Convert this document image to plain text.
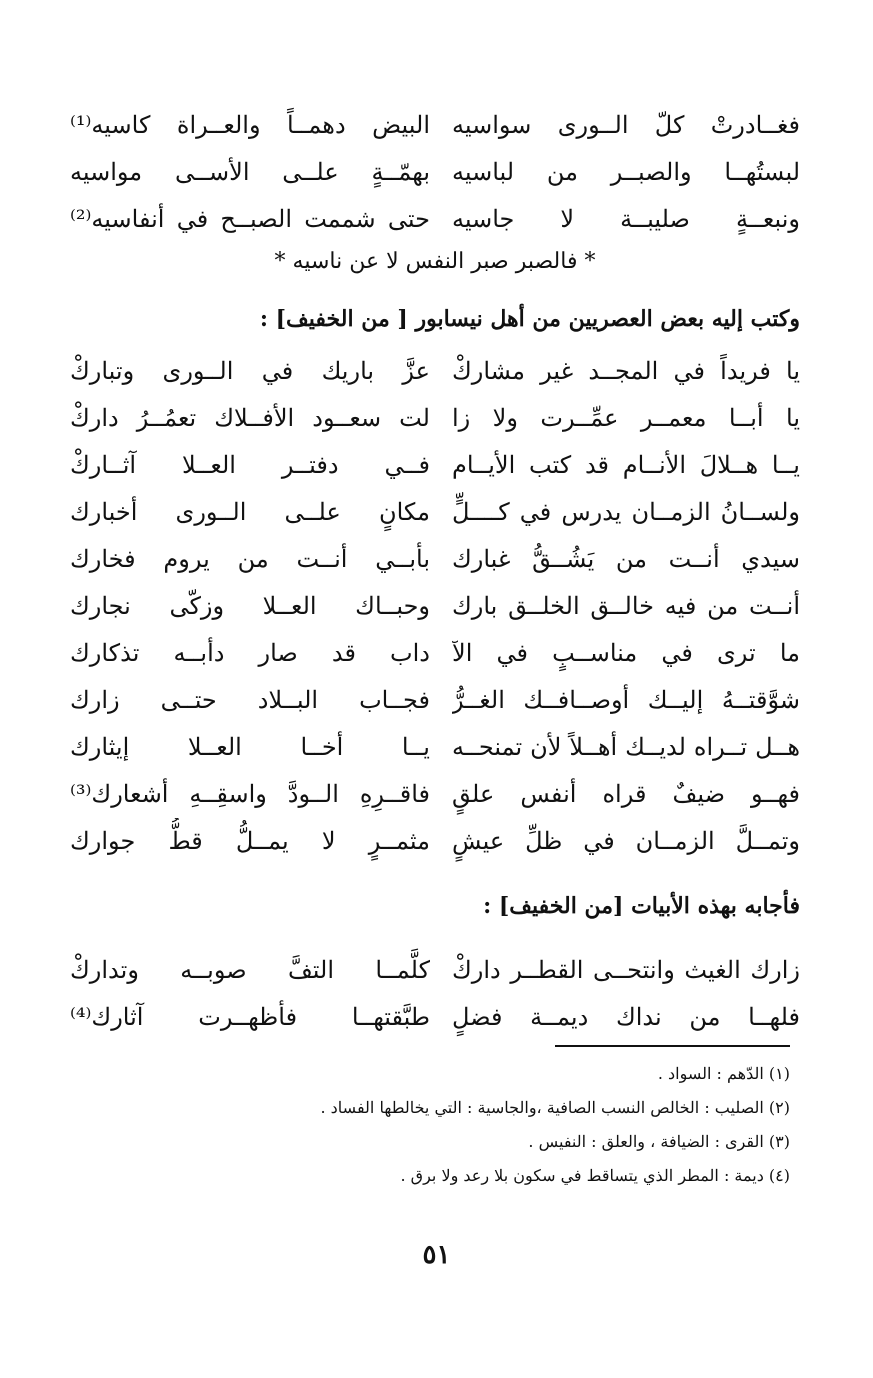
فغــادرتْ كلّ الــورى سواسيه
البيض دهمــاً والعــراة كاسيه⁽¹⁾
لبستُهــا والصبــر من لباسيه
بهمّــةٍ علــى الأســى مواسيه
ونبعــةٍ صليبــة لا جاسيه
حتى شممت الصبــح في أنفاسيه⁽²⁾
* فالصبر صبر النفس لا عن ناسيه *
وكتب إليه بعض العصريين من أهل نيسابور [ من الخفيف] :
يا فريداً في المجــد غير مشاركْ
عزَّ باريك في الــورى وتباركْ
يا أبــا معمــر عمِّــرت ولا زا
لت سعــود الأفــلاك تعمُــرُ داركْ
يــا هــلالَ الأنــام قد كتب الأيــام
فــي دفتــر العــلا آثــاركْ
ولســانُ الزمــان يدرس في كــــلٍّ
مكانٍ علــى الــورى أخبارك
سيدي أنــت من يَشُــقُّ غبارك
بأبــي أنــت من يروم فخارك
أنــت من فيه خالــق الخلــق بارك
وحبــاك العــلا وزكّى نجارك
ما ترى في مناســبٍ في الآ
داب قد صار دأبــه تذكارك
شوَّقتــهُ إليــك أوصــافــك الغــرُّ
فجــاب البــلاد حتــى زارك
هــل تــراه لديــك أهــلاً لأن تمنحــه
يــا أخــا العــلا إيثارك
فهــو ضيفٌ قراه أنفس علقٍ
فاقــرِهِ الــودَّ واسقِــهِ أشعارك⁽³⁾
وتمــلَّ الزمــان في ظلِّ عيشٍ
مثمــرٍ لا يمــلُّ قطُّ جوارك
فأجابه بهذه الأبيات [من الخفيف] :
زارك الغيث وانتحــى القطــر داركْ
كلَّمــا التفَّ صوبــه وتداركْ
فلهــا من نداك ديمــة فضلٍ
طبَّقتهــا فأظهــرت آثارك⁽⁴⁾
(١) الدّهم : السواد .
(٢) الصليب : الخالص النسب الصافية ،والجاسية : التي يخالطها الفساد .
(٣) القرى : الضيافة ، والعلق : النفيس .
(٤) ديمة : المطر الذي يتساقط في سكون بلا رعد ولا برق .
٥١
